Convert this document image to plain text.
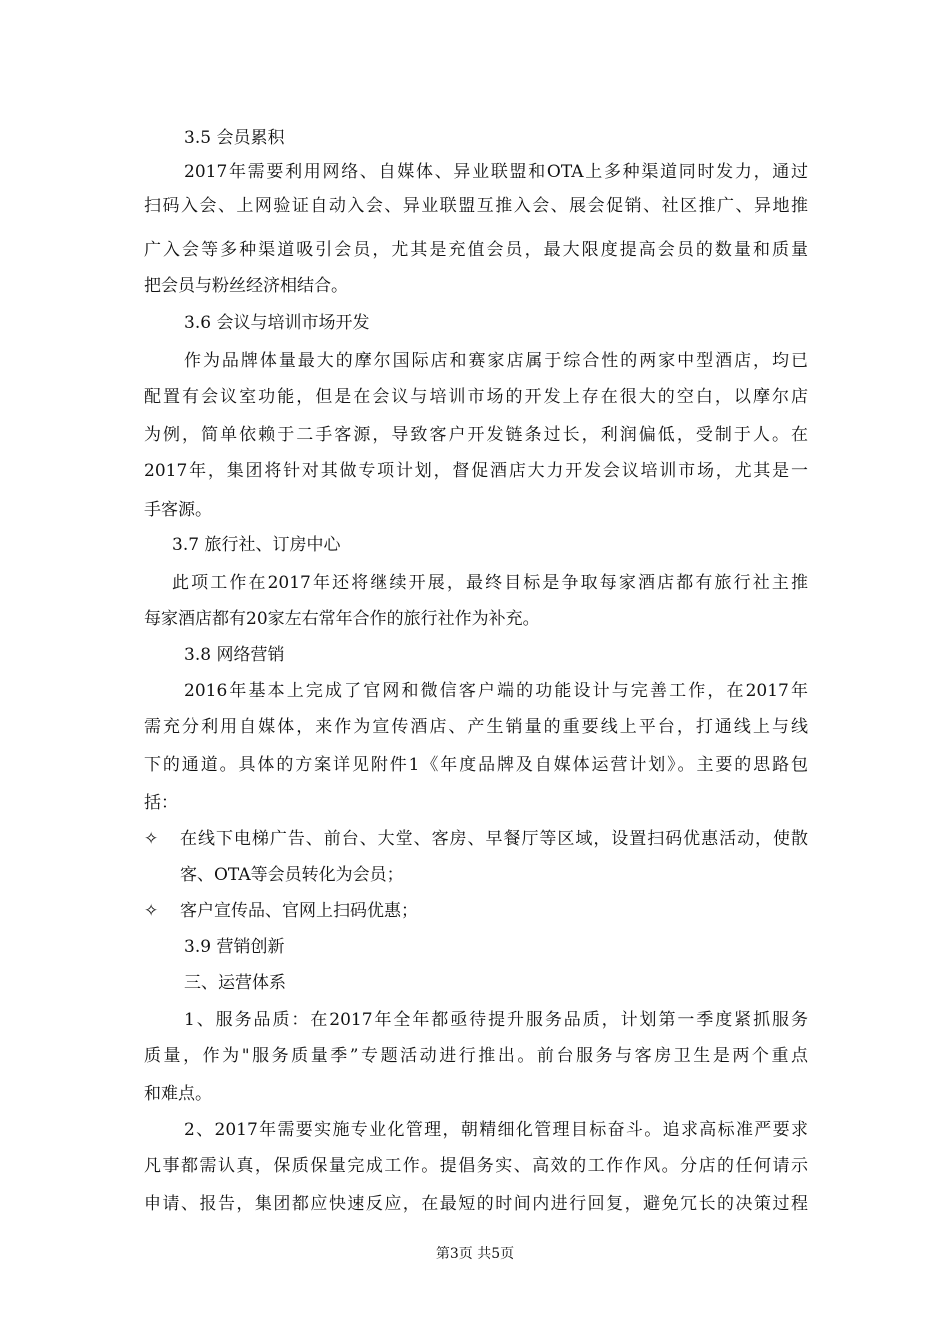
3.5 会员累积
2017年需要利用网络、自媒体、异业联盟和OTA上多种渠道同时发力，通过
扫码入会、上网验证自动入会、异业联盟互推入会、展会促销、社区推广、异地推
广入会等多种渠道吸引会员，尤其是充值会员，最大限度提高会员的数量和质量
把会员与粉丝经济相结合。
3.6 会议与培训市场开发
作为品牌体量最大的摩尔国际店和赛家店属于综合性的两家中型酒店，均已
配置有会议室功能，但是在会议与培训市场的开发上存在很大的空白，以摩尔店
为例，简单依赖于二手客源，导致客户开发链条过长，利润偏低，受制于人。在
2017年，集团将针对其做专项计划，督促酒店大力开发会议培训市场，尤其是一
手客源。
3.7 旅行社、订房中心
此项工作在2017年还将继续开展，最终目标是争取每家酒店都有旅行社主推
每家酒店都有20家左右常年合作的旅行社作为补充。
3.8 网络营销
2016年基本上完成了官网和微信客户端的功能设计与完善工作，在2017年
需充分利用自媒体，来作为宣传酒店、产生销量的重要线上平台，打通线上与线
下的通道。具体的方案详见附件1《年度品牌及自媒体运营计划》。主要的思路包
括：
✧ 在线下电梯广告、前台、大堂、客房、早餐厅等区域，设置扫码优惠活动，使散
客、OTA等会员转化为会员；
✧ 客户宣传品、官网上扫码优惠；
3.9 营销创新
三、运营体系
1、服务品质：在2017年全年都亟待提升服务品质，计划第一季度紧抓服务
质量，作为"服务质量季”专题活动进行推出。前台服务与客房卫生是两个重点
和难点。
2、2017年需要实施专业化管理，朝精细化管理目标奋斗。追求高标准严要求
凡事都需认真，保质保量完成工作。提倡务实、高效的工作作风。分店的任何请示
申请、报告，集团都应快速反应，在最短的时间内进行回复，避免冗长的决策过程
第3页 共5页
